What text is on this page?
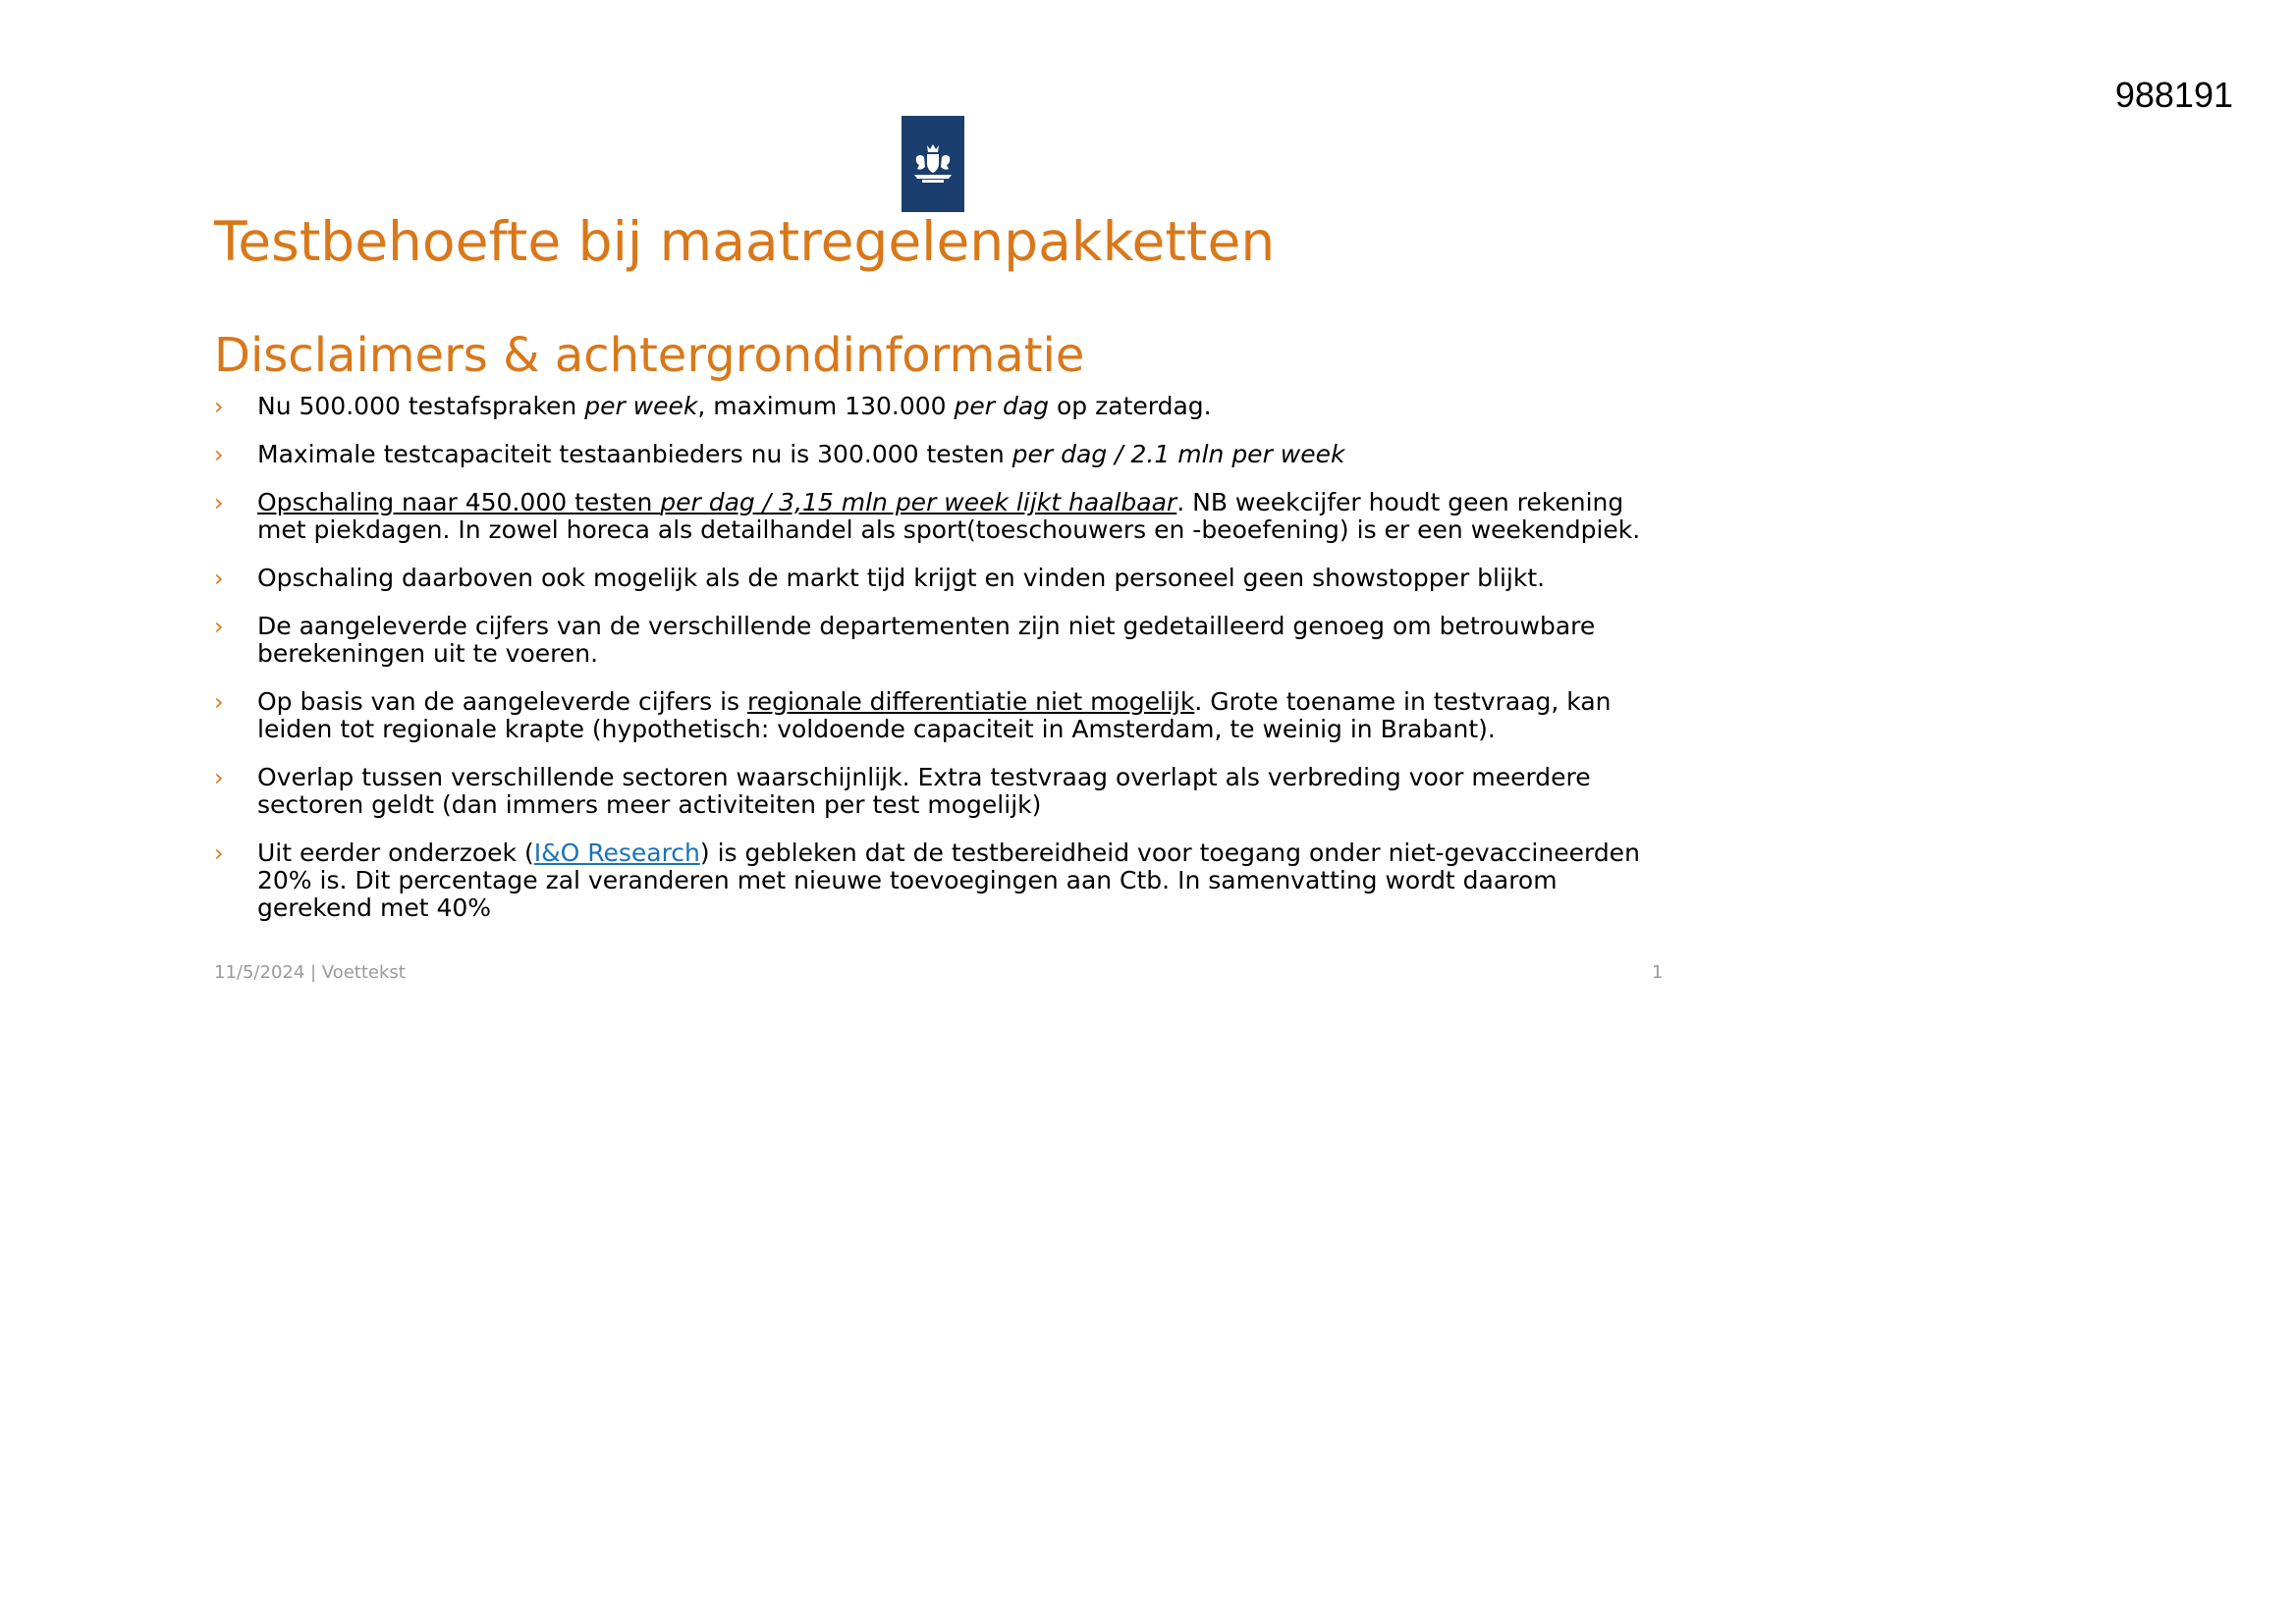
988191
Testbehoefte bij maatregelenpakketten
Disclaimers & achtergrondinformatie
› Nu 500.000 testafspraken per week, maximum 130.000 per dag op zaterdag.
› Maximale testcapaciteit testaanbieders nu is 300.000 testen per dag / 2.1 mln per week
› Opschaling naar 450.000 testen per dag / 3,15 mln per week lijkt haalbaar. NB weekcijfer houdt geen rekening met piekdagen. In zowel horeca als detailhandel als sport(toeschouwers en -beoefening) is er een weekendpiek.
› Opschaling daarboven ook mogelijk als de markt tijd krijgt en vinden personeel geen showstopper blijkt.
› De aangeleverde cijfers van de verschillende departementen zijn niet gedetailleerd genoeg om betrouwbare berekeningen uit te voeren.
› Op basis van de aangeleverde cijfers is regionale differentiatie niet mogelijk. Grote toename in testvraag, kan leiden tot regionale krapte (hypothetisch: voldoende capaciteit in Amsterdam, te weinig in Brabant).
› Overlap tussen verschillende sectoren waarschijnlijk. Extra testvraag overlapt als verbreding voor meerdere sectoren geldt (dan immers meer activiteiten per test mogelijk)
› Uit eerder onderzoek (I&O Research) is gebleken dat de testbereidheid voor toegang onder niet-gevaccineerden 20% is. Dit percentage zal veranderen met nieuwe toevoegingen aan Ctb. In samenvatting wordt daarom gerekend met 40%
11/5/2024 | Voettekst	1
